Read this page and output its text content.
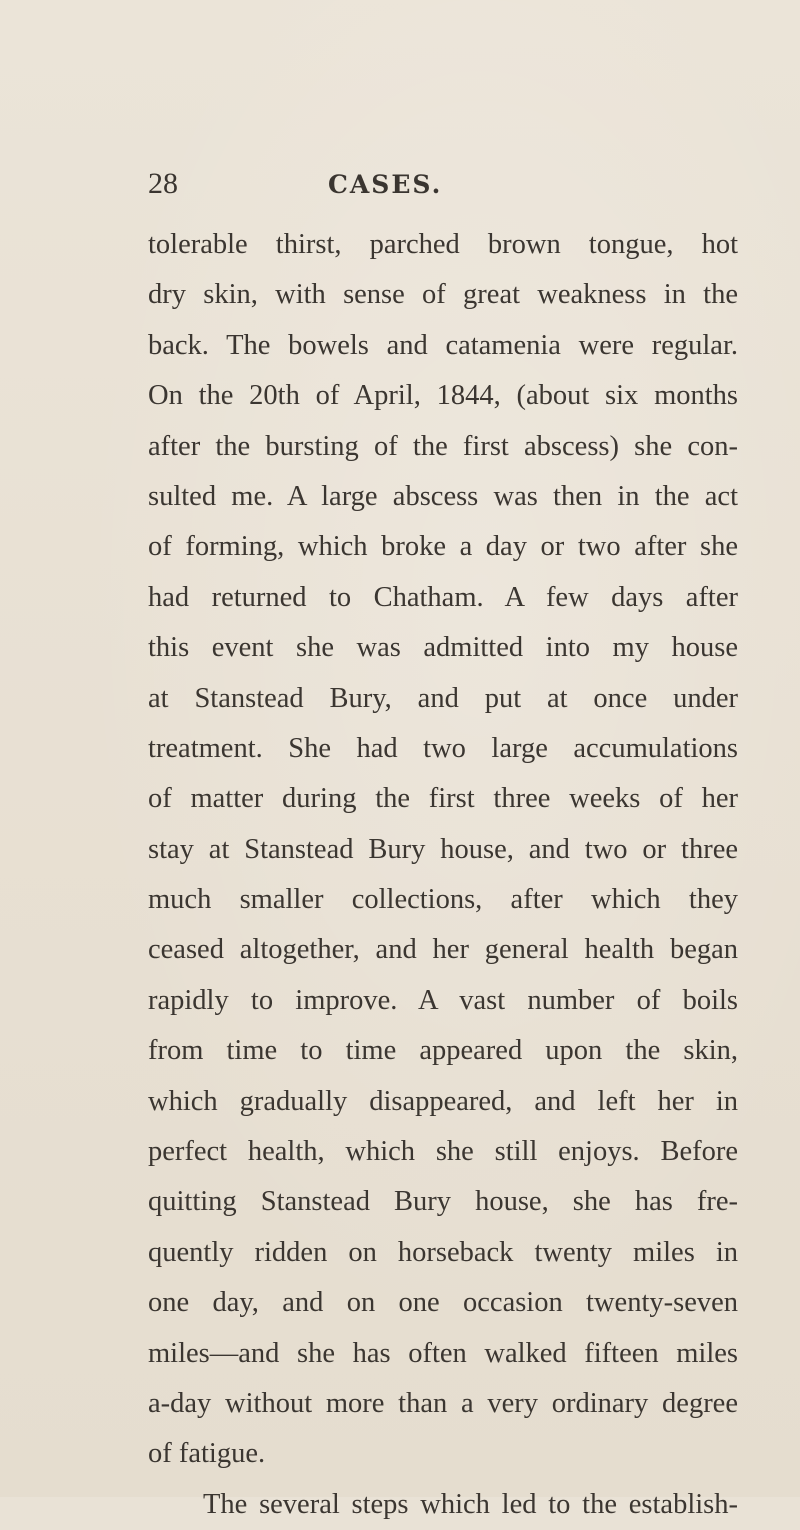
28	CASES.
tolerable thirst, parched brown tongue, hot
dry skin, with sense of great weakness in the
back. The bowels and catamenia were regular.
On the 20th of April, 1844, (about six months
after the bursting of the first abscess) she con-
sulted me. A large abscess was then in the act
of forming, which broke a day or two after she
had returned to Chatham. A few days after
this event she was admitted into my house
at Stanstead Bury, and put at once under
treatment. She had two large accumulations
of matter during the first three weeks of her
stay at Stanstead Bury house, and two or three
much smaller collections, after which they
ceased altogether, and her general health began
rapidly to improve. A vast number of boils
from time to time appeared upon the skin,
which gradually disappeared, and left her in
perfect health, which she still enjoys. Before
quitting Stanstead Bury house, she has fre-
quently ridden on horseback twenty miles in
one day, and on one occasion twenty-seven
miles—and she has often walked fifteen miles
a-day without more than a very ordinary degree
of fatigue.
The several steps which led to the establish-
